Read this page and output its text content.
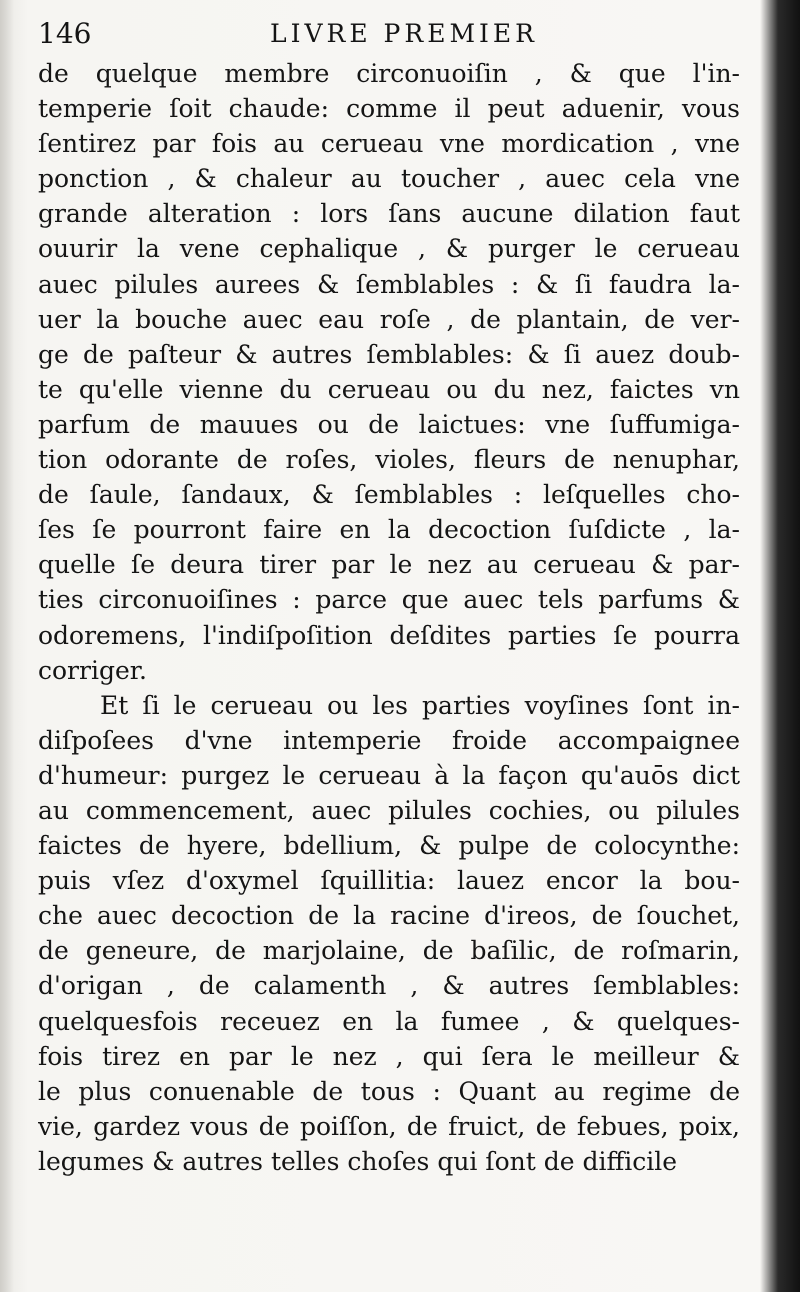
146	LIVRE PREMIER
de quelque membre circonuoiſin , & que l'in-
temperie ſoit chaude: comme il peut aduenir, vous
ſentirez par fois au cerueau vne mordication , vne
ponction , & chaleur au toucher , auec cela vne
grande alteration : lors ſans aucune dilation faut
ouurir la vene cephalique , & purger le cerueau
auec pilules aurees & ſemblables : & ſi faudra la-
uer la bouche auec eau roſe , de plantain, de ver-
ge de paſteur & autres ſemblables: & ſi auez doub-
te qu'elle vienne du cerueau ou du nez, faictes vn
parfum de mauues ou de laictues: vne ſuffumiga-
tion odorante de roſes, violes, fleurs de nenuphar,
de ſaule, ſandaux, & ſemblables : leſquelles cho-
ſes ſe pourront faire en la decoction ſuſdicte , la-
quelle ſe deura tirer par le nez au cerueau & par-
ties circonuoiſines : parce que auec tels parfums &
odoremens, l'indiſpoſition deſdites parties ſe pourra
corriger.
Et ſi le cerueau ou les parties voyſines ſont in-
diſpoſees d'vne intemperie froide accompaignee
d'humeur: purgez le cerueau à la façon qu'auōs dict
au commencement, auec pilules cochies, ou pilules
faictes de hyere, bdellium, & pulpe de colocynthe:
puis vſez d'oxymel ſquillitia: lauez encor la bou-
che auec decoction de la racine d'ireos, de ſouchet,
de geneure, de marjolaine, de baſilic, de roſmarin,
d'origan , de calamenth , & autres ſemblables:
quelquesfois receuez en la fumee , & quelques-
fois tirez en par le nez , qui ſera le meilleur &
le plus conuenable de tous : Quant au regime de
vie, gardez vous de poiſſon, de fruict, de febues, poix,
legumes & autres telles choſes qui ſont de difficile
